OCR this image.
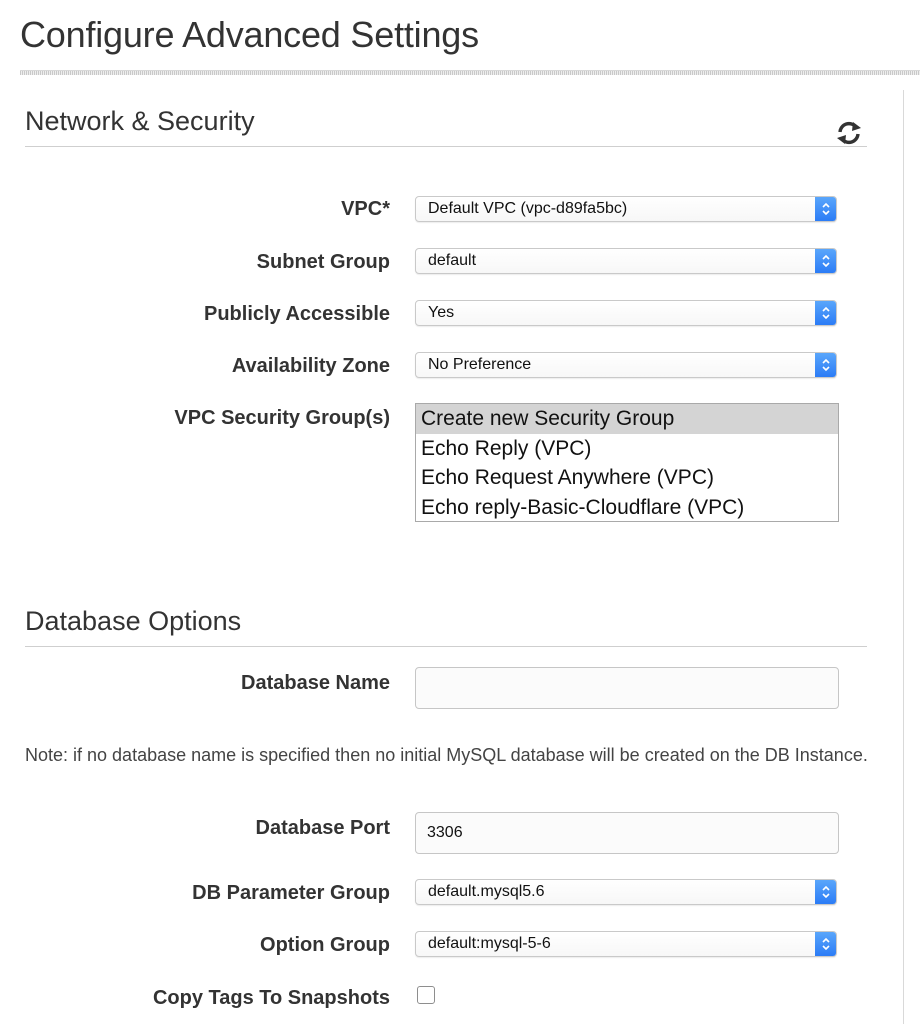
Configure Advanced Settings
Network & Security
VPC* Default VPC (vpc-d89fa5bc)
Subnet Group default
Publicly Accessible Yes
Availability Zone No Preference
VPC Security Group(s) Create new Security Group
Echo Reply (VPC)
Echo Request Anywhere (VPC)
Echo reply-Basic-Cloudflare (VPC)
Database Options
Database Name
Note: if no database name is specified then no initial MySQL database will be created on the DB Instance.
Database Port	3306
DB Parameter Group default.mysql5.6
Option Group default:mysql-5-6
Copy Tags To Snapshots
